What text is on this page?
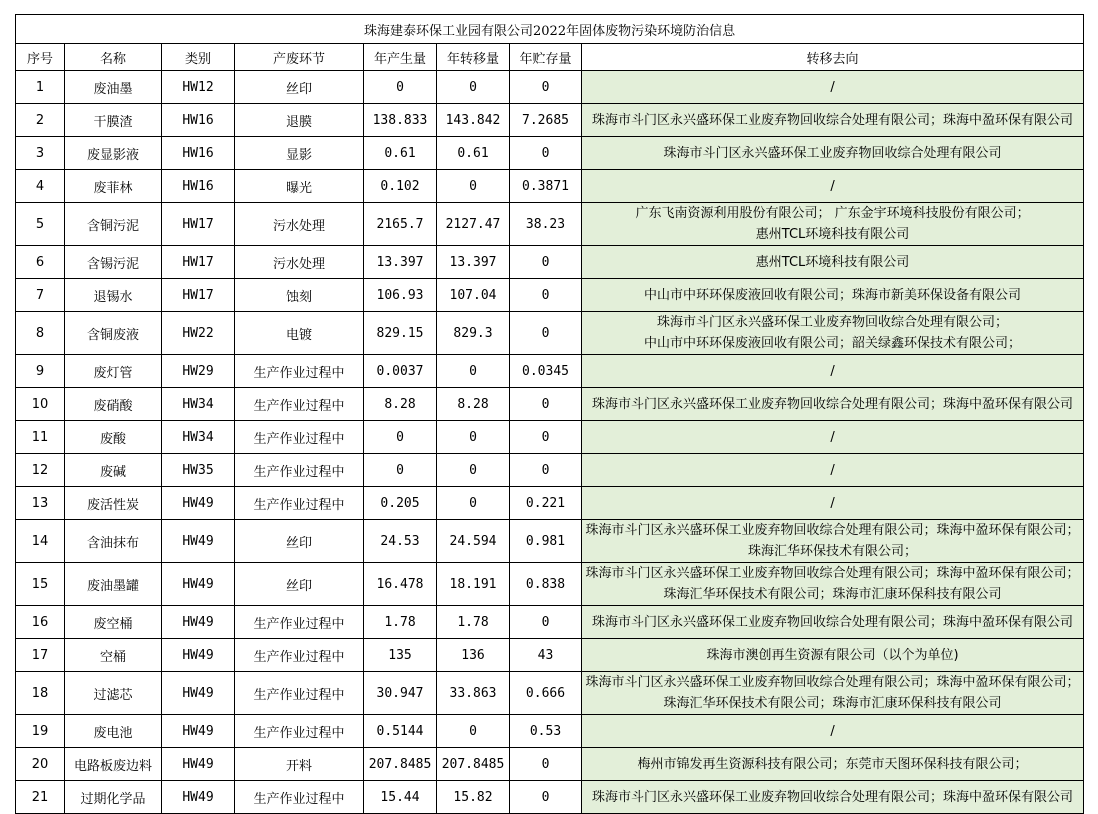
珠海建泰环保工业园有限公司2022年固体废物污染环境防治信息							
序号	名称	类别	产废环节	年产生量	年转移量	年贮存量	转移去向
1	废油墨	HW12	丝印	0	0	0	/

2	干膜渣	HW16	退膜	138.833	143.842	7.2685	珠海市斗门区永兴盛环保工业废弃物回收综合处理有限公司；珠海中盈环保有限公司

3	废显影液	HW16	显影	0.61	0.61	0	珠海市斗门区永兴盛环保工业废弃物回收综合处理有限公司

4	废菲林	HW16	曝光	0.102	0	0.3871	/

5	含铜污泥	HW17	污水处理	2165.7	2127.47	38.23	广东飞南资源利用股份有限公司； 广东金宇环境科技股份有限公司；
惠州TCL环境科技有限公司

6	含锡污泥	HW17	污水处理	13.397	13.397	0	惠州TCL环境科技有限公司

7	退锡水	HW17	蚀刻	106.93	107.04	0	中山市中环环保废液回收有限公司；珠海市新美环保设备有限公司

8	含铜废液	HW22	电镀	829.15	829.3	0	珠海市斗门区永兴盛环保工业废弃物回收综合处理有限公司；
中山市中环环保废液回收有限公司；韶关绿鑫环保技术有限公司；

9	废灯管	HW29	生产作业过程中	0.0037	0	0.0345	/

10	废硝酸	HW34	生产作业过程中	8.28	8.28	0	珠海市斗门区永兴盛环保工业废弃物回收综合处理有限公司；珠海中盈环保有限公司

11	废酸	HW34	生产作业过程中	0	0	0	/

12	废碱	HW35	生产作业过程中	0	0	0	/

13	废活性炭	HW49	生产作业过程中	0.205	0	0.221	/

14	含油抹布	HW49	丝印	24.53	24.594	0.981	珠海市斗门区永兴盛环保工业废弃物回收综合处理有限公司；珠海中盈环保有限公司；
珠海汇华环保技术有限公司；

15	废油墨罐	HW49	丝印	16.478	18.191	0.838	珠海市斗门区永兴盛环保工业废弃物回收综合处理有限公司；珠海中盈环保有限公司；
珠海汇华环保技术有限公司；珠海市汇康环保科技有限公司

16	废空桶	HW49	生产作业过程中	1.78	1.78	0	珠海市斗门区永兴盛环保工业废弃物回收综合处理有限公司；珠海中盈环保有限公司

17	空桶	HW49	生产作业过程中	135	136	43	珠海市澳创再生资源有限公司（以个为单位)

18	过滤芯	HW49	生产作业过程中	30.947	33.863	0.666	珠海市斗门区永兴盛环保工业废弃物回收综合处理有限公司；珠海中盈环保有限公司；
珠海汇华环保技术有限公司；珠海市汇康环保科技有限公司

19	废电池	HW49	生产作业过程中	0.5144	0	0.53	/

20	电路板废边料	HW49	开料	207.8485	207.8485	0	梅州市锦发再生资源科技有限公司；东莞市天图环保科技有限公司；

21	过期化学品	HW49	生产作业过程中	15.44	15.82	0	珠海市斗门区永兴盛环保工业废弃物回收综合处理有限公司；珠海中盈环保有限公司
